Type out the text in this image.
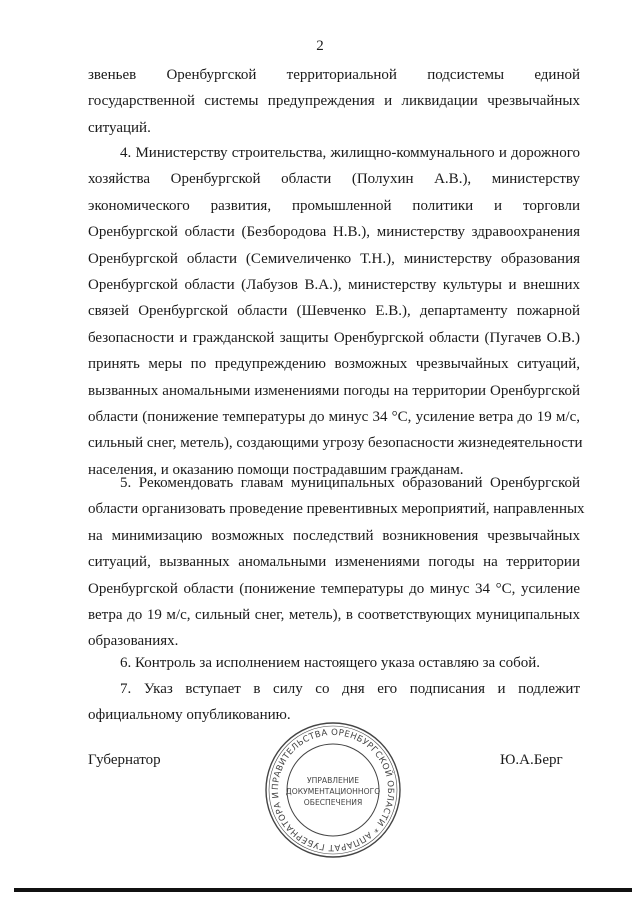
2
звеньев Оренбургской территориальной подсистемы единой
государственной системы предупреждения и ликвидации чрезвычайных
ситуаций.
4. Министерству строительства, жилищно-коммунального и дорожного
хозяйства Оренбургской области (Полухин А.В.), министерству
экономического развития, промышленной политики и торговли
Оренбургской области (Безбородова Н.В.), министерству здравоохранения
Оренбургской области (Семиveличенко Т.Н.), министерству образования
Оренбургской области (Лабузов В.А.), министерству культуры и внешних
связей Оренбургской области (Шевченко Е.В.), департаменту пожарной
безопасности и гражданской защиты Оренбургской области (Пугачев О.В.)
принять меры по предупреждению возможных чрезвычайных ситуаций,
вызванных аномальными изменениями погоды на территории Оренбургской
области (понижение температуры до минус 34 °С, усиление ветра до 19 м/с,
сильный снег, метель), создающими угрозу безопасности жизнедеятельности
населения, и оказанию помощи пострадавшим гражданам.
5. Рекомендовать главам муниципальных образований Оренбургской
области организовать проведение превентивных мероприятий, направленных
на минимизацию возможных последствий возникновения чрезвычайных
ситуаций, вызванных аномальными изменениями погоды на территории
Оренбургской области (понижение температуры до минус 34 °С, усиление
ветра до 19 м/с, сильный снег, метель), в соответствующих муниципальных
образованиях.
6. Контроль за исполнением настоящего указа оставляю за собой.
7. Указ вступает в силу со дня его подписания и подлежит
официальному опубликованию.
Губернатор	Ю.А.Берг
ПРАВИТЕЛЬСТВА ОРЕНБУРГСКОЙ ОБЛАСТИ * АППАРАТ ГУБЕРНАТОРА И
УПРАВЛЕНИЕ
ДОКУМЕНТАЦИОННОГО
ОБЕСПЕЧЕНИЯ
